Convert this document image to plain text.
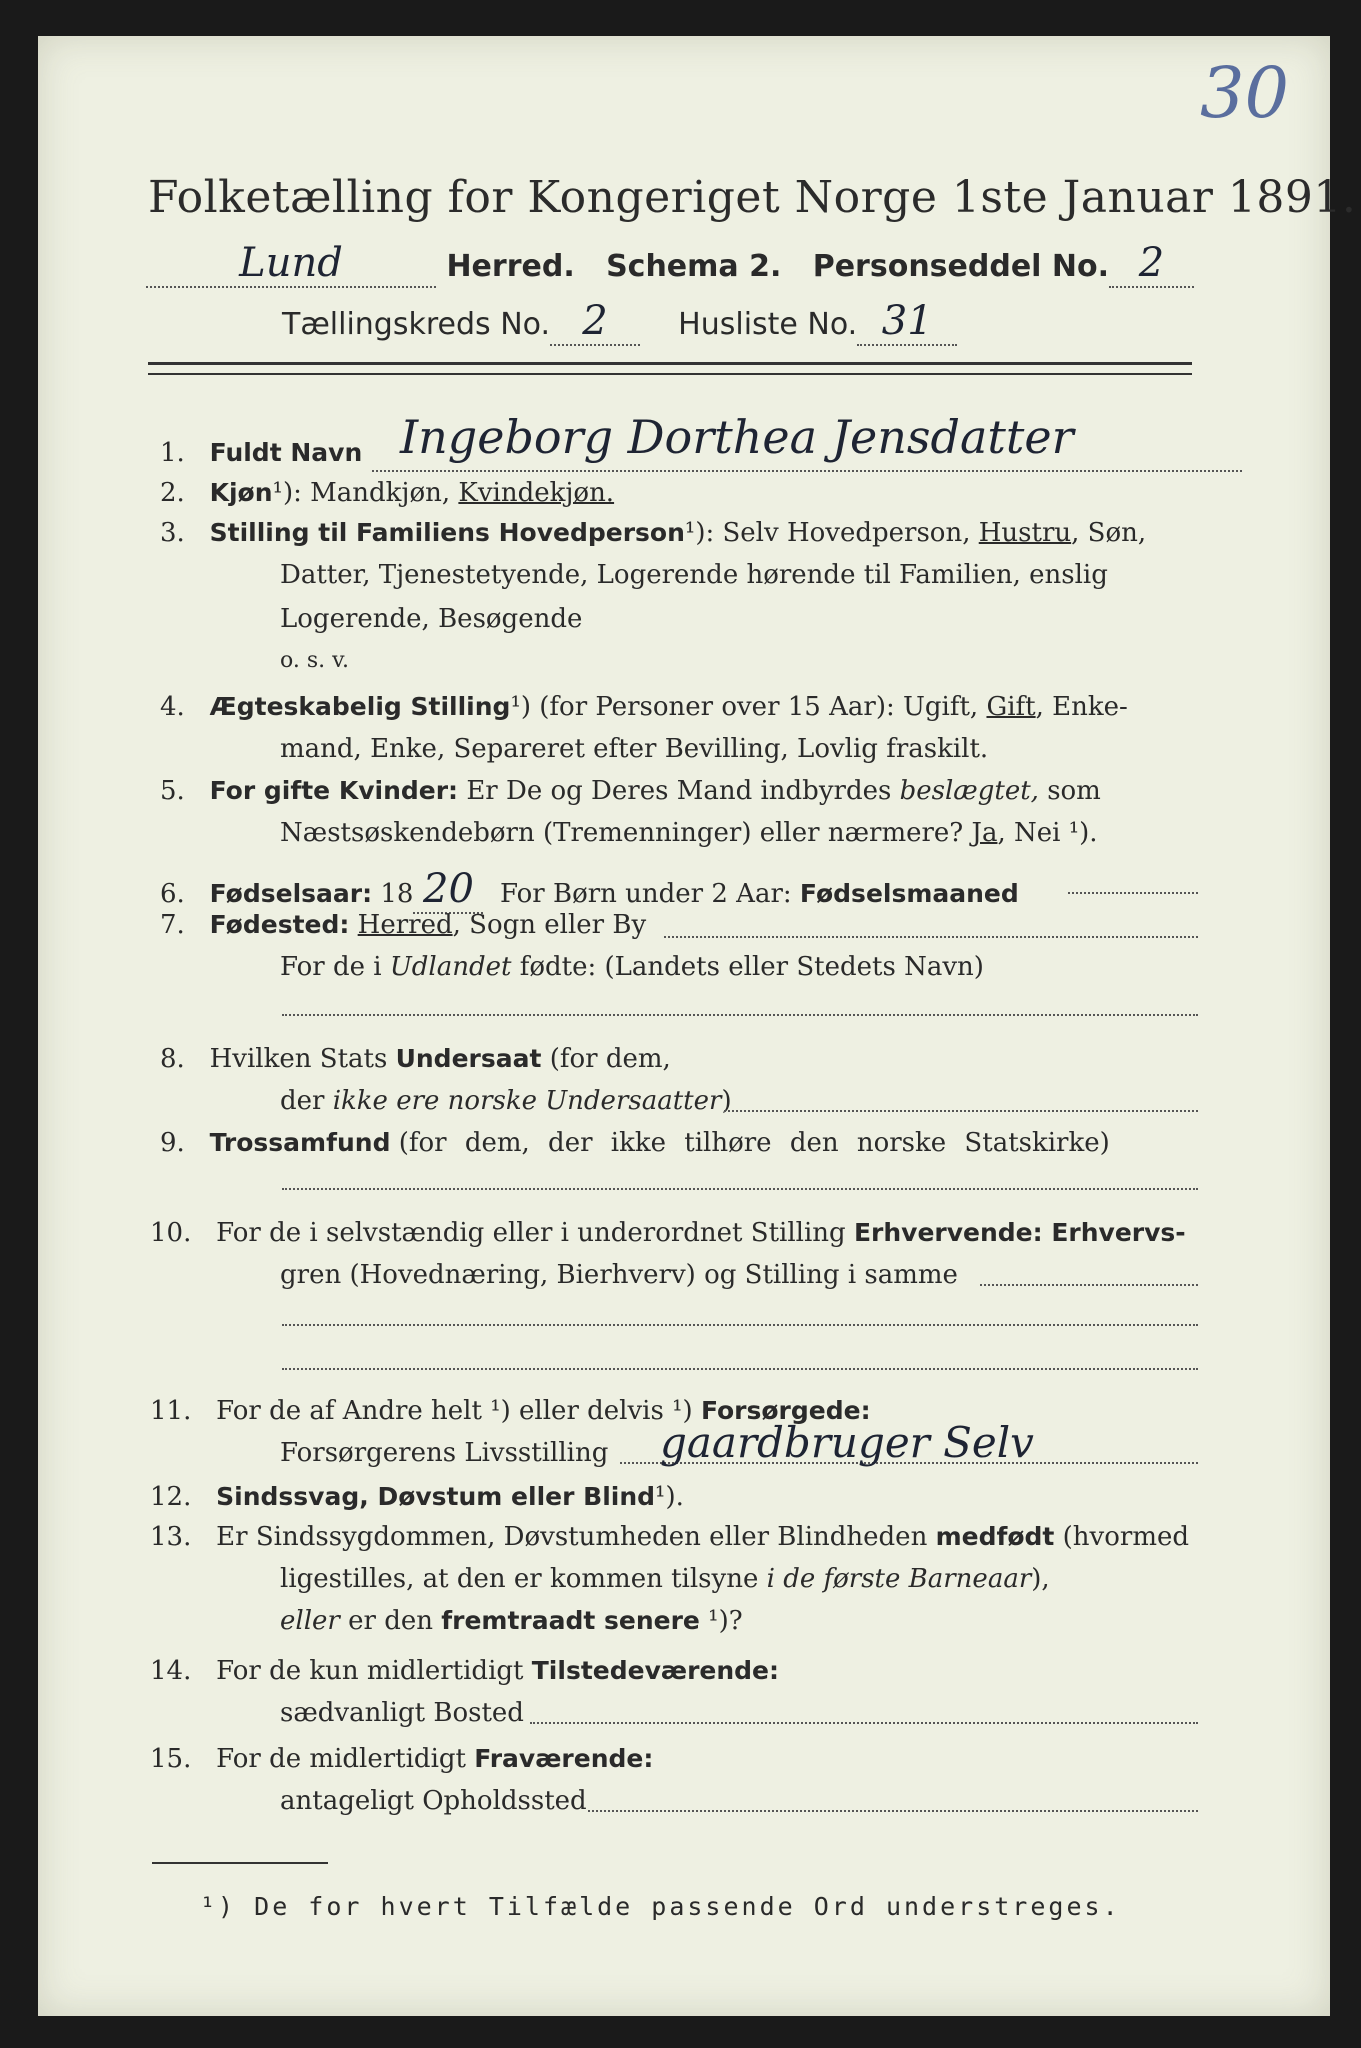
30
Folketælling for Kongeriget Norge 1ste Januar 1891.
Lund	Herred. Schema 2. Personseddel No. 2
Tællingskreds No. 2 Husliste No. 31
1. Fuldt Navn Ingeborg Dorthea Jensdatter
2. Kjøn¹): Mandkjøn, Kvindekjøn.
3. Stilling til Familiens Hovedperson¹): Selv Hovedperson, Hustru, Søn,
Datter, Tjenestetyende, Logerende hørende til Familien, enslig
Logerende, Besøgende
o. s. v.
4. Ægteskabelig Stilling¹) (for Personer over 15 Aar): Ugift, Gift, Enke-
mand, Enke, Separeret efter Bevilling, Lovlig fraskilt.
5. For gifte Kvinder: Er De og Deres Mand indbyrdes beslægtet, som
Næstsøskendebørn (Tremenninger) eller nærmere? Ja, Nei ¹).
6. Fødselsaar: 18 20 For Børn under 2 Aar: Fødselsmaaned
7. Fødested: Herred, Sogn eller By
For de i Udlandet fødte: (Landets eller Stedets Navn)
8. Hvilken Stats Undersaat (for dem,
der ikke ere norske Undersaatter)
9. Trossamfund (for dem, der ikke tilhøre den norske Statskirke)
10. For de i selvstændig eller i underordnet Stilling Erhvervende: Erhvervs-
gren (Hovednæring, Bierhverv) og Stilling i samme
11. For de af Andre helt ¹) eller delvis ¹) Forsørgede:
Forsørgerens Livsstilling gaardbruger Selv
12. Sindssvag, Døvstum eller Blind¹).
13. Er Sindssygdommen, Døvstumheden eller Blindheden medfødt (hvormed
ligestilles, at den er kommen tilsyne i de første Barneaar),
eller er den fremtraadt senere ¹)?
14. For de kun midlertidigt Tilstedeværende:
sædvanligt Bosted
15. For de midlertidigt Fraværende:
antageligt Opholdssted
¹) De for hvert Tilfælde passende Ord understreges.
